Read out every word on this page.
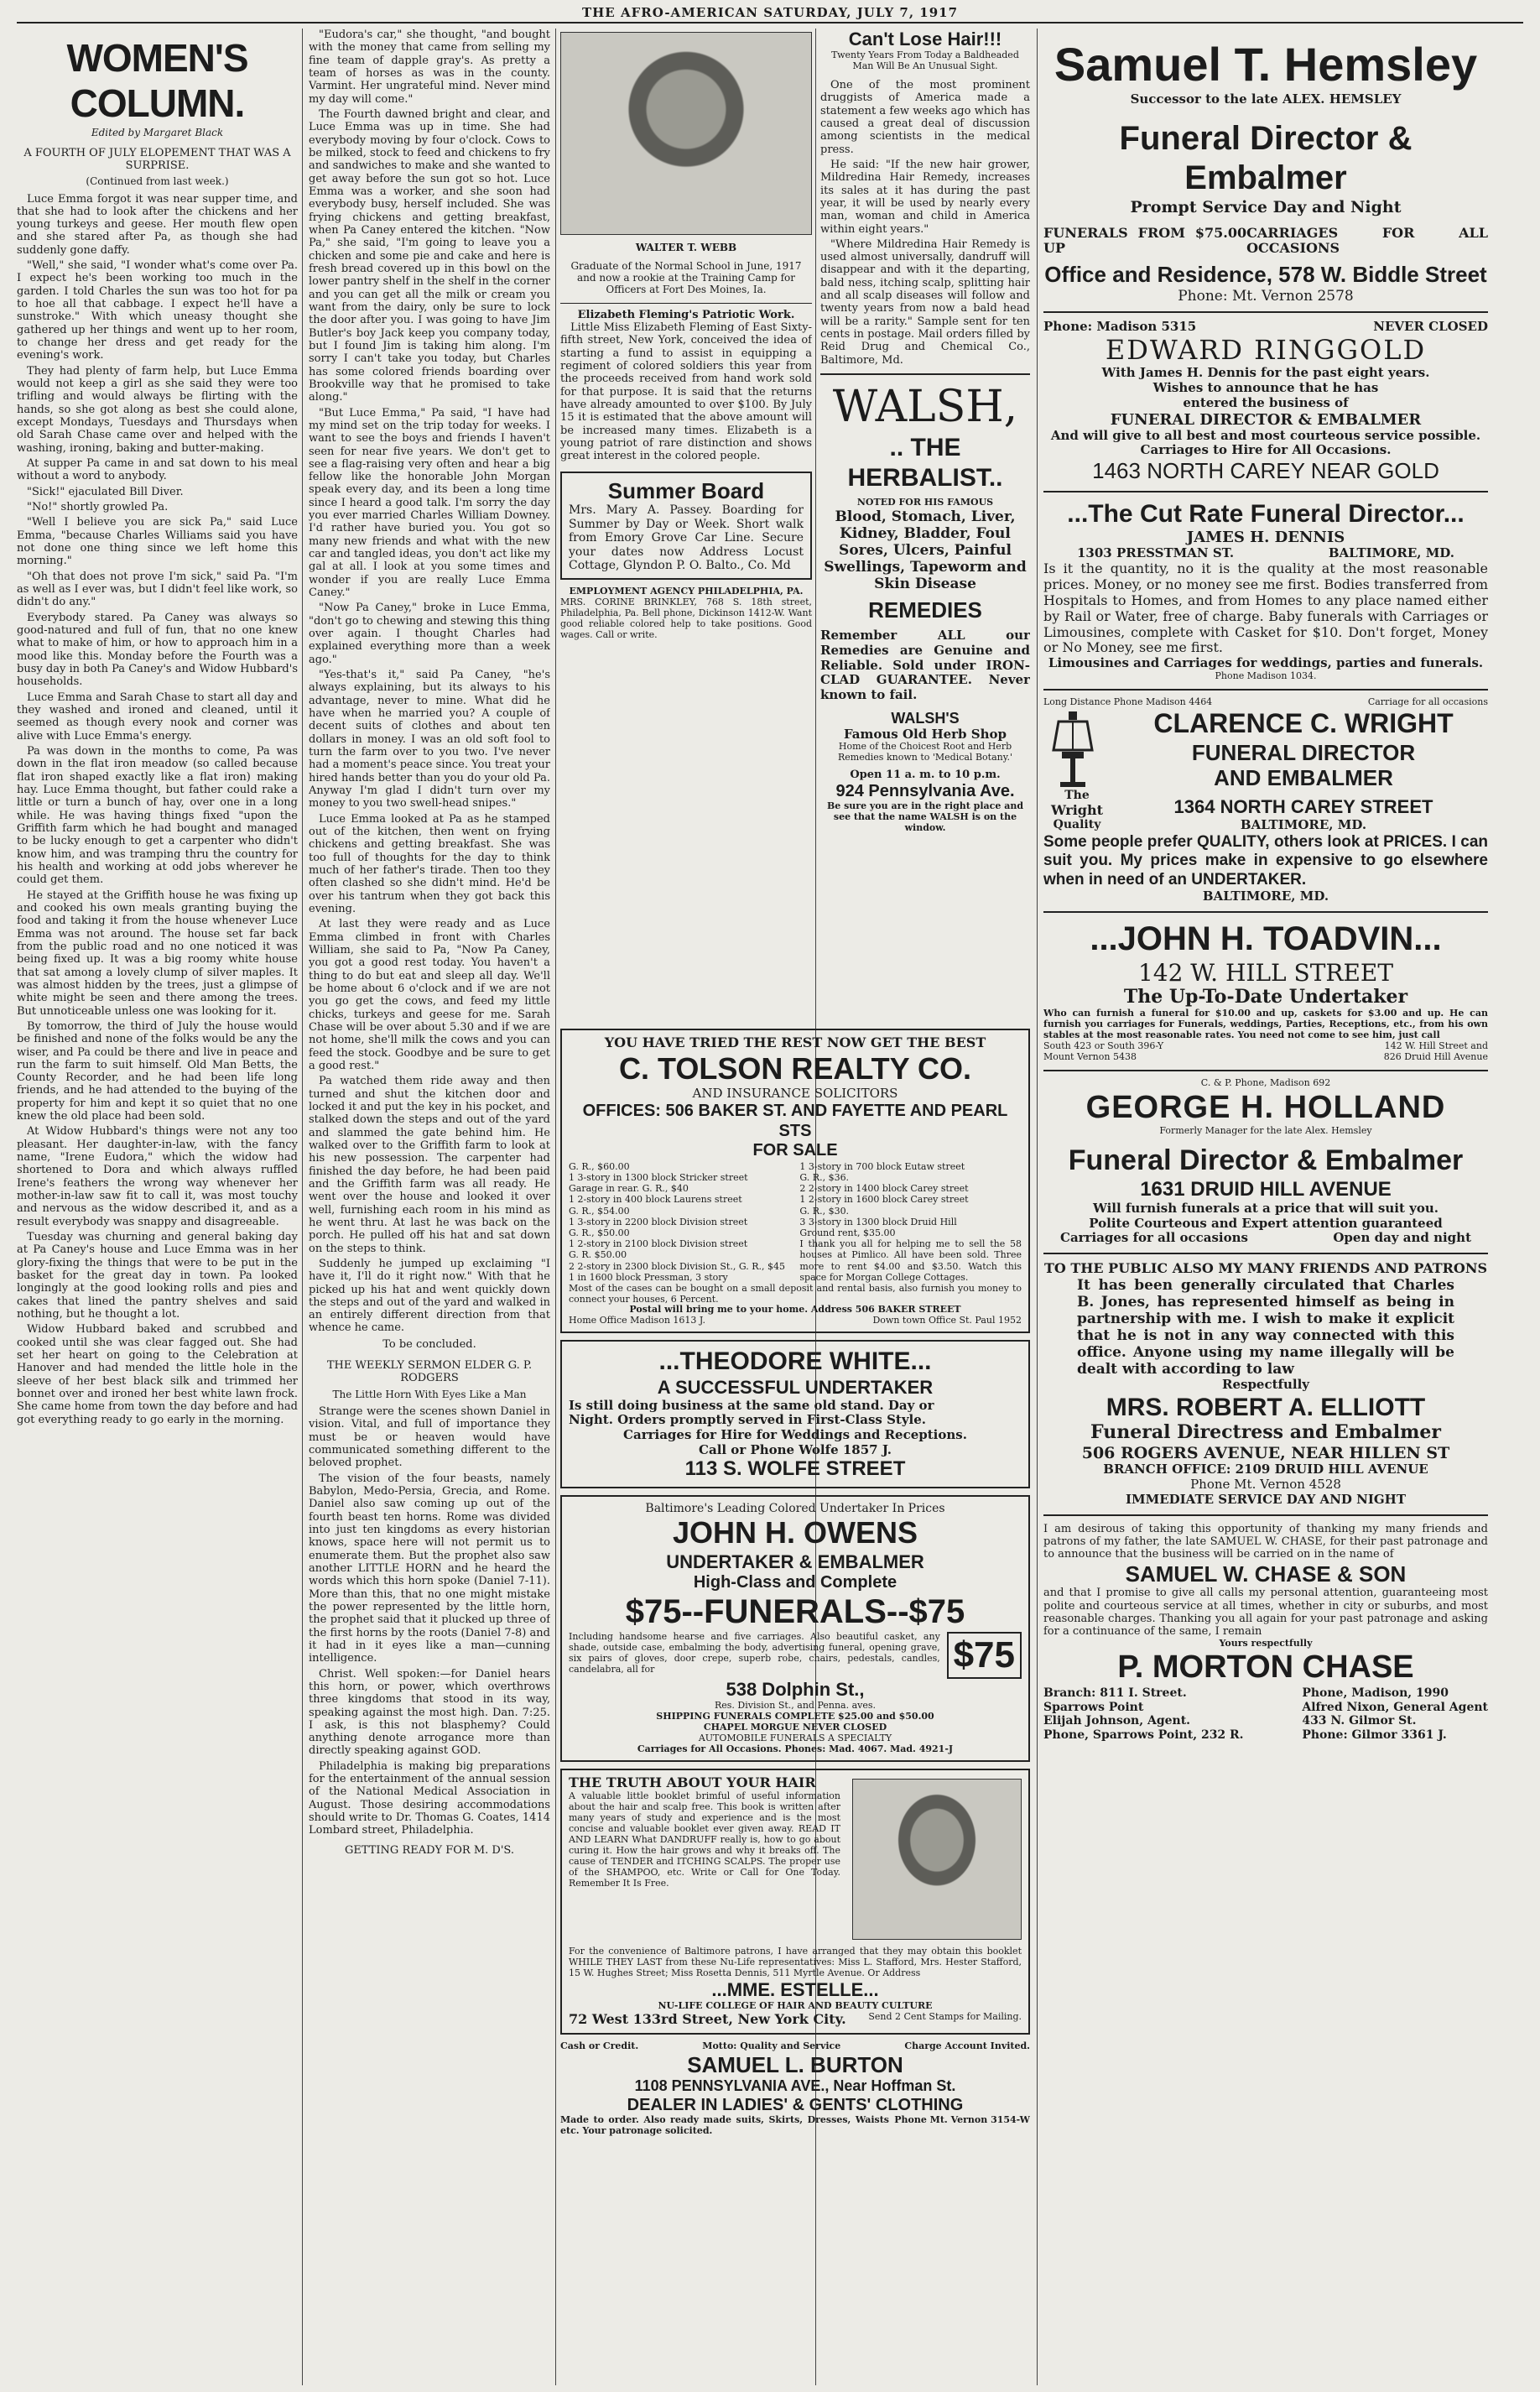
THE AFRO-AMERICAN SATURDAY, JULY 7, 1917
WOMEN'S COLUMN.
Edited by Margaret Black
A FOURTH OF JULY ELOPEMENT THAT WAS A SURPRISE.
(Continued from last week.)

Luce Emma forgot it was near supper time, and that she had to look after the chickens and her young turkeys and geese. Her mouth flew open and she stared after Pa, as though she had suddenly gone daffy.

"Well," she said, "I wonder what's come over Pa. I expect he's been working too much in the garden. I told Charles the sun was too hot for pa to hoe all that cabbage. I expect he'll have a sunstroke." With which uneasy thought she gathered up her things and went up to her room, to change her dress and get ready for the evening's work.

They had plenty of farm help, but Luce Emma would not keep a girl as she said they were too trifling and would always be flirting with the hands, so she got along as best she could alone, except Mondays, Tuesdays and Thursdays when old Sarah Chase came over and helped with the washing, ironing, baking and butter-making.

At supper Pa came in and sat down to his meal without a word to anybody.

"Sick!" ejaculated Bill Diver.

"No!" shortly growled Pa.

"Well I believe you are sick Pa," said Luce Emma, "because Charles Williams said you have not done one thing since we left home this morning."

"Oh that does not prove I'm sick," said Pa. "I'm as well as I ever was, but I didn't feel like work, so didn't do any."

Everybody stared. Pa Caney was always so good-natured and full of fun, that no one knew what to make of him, or how to approach him in a mood like this. Monday before the Fourth was a busy day in both Pa Caney's and Widow Hubbard's households.

Luce Emma and Sarah Chase to start all day and they washed and ironed and cleaned, until it seemed as though every nook and corner was alive with Luce Emma's energy.

Pa was down in the months to come, Pa was down in the flat iron meadow (so called because flat iron shaped exactly like a flat iron) making hay. Luce Emma thought, but father could rake a little or turn a bunch of hay, over one in a long while. He was having things fixed "upon the Griffith farm which he had bought and managed to be lucky enough to get a carpenter who didn't know him, and was tramping thru the country for his health and working at odd jobs wherever he could get them.

He stayed at the Griffith house he was fixing up and cooked his own meals granting buying the food and taking it from the house whenever Luce Emma was not around. The house set far back from the public road and no one noticed it was being fixed up. It was a big roomy white house that sat among a lovely clump of silver maples. It was almost hidden by the trees, just a glimpse of white might be seen and there among the trees. But unnoticeable unless one was looking for it.

By tomorrow, the third of July the house would be finished and none of the folks would be any the wiser, and Pa could be there and live in peace and run the farm to suit himself. Old Man Betts, the County Recorder, and he had been life long friends, and he had attended to the buying of the property for him and kept it so quiet that no one knew the old place had been sold.

At Widow Hubbard's things were not any too pleasant. Her daughter-in-law, with the fancy name, "Irene Eudora," which the widow had shortened to Dora and which always ruffled Irene's feathers the wrong way whenever her mother-in-law saw fit to call it, was most touchy and nervous as the widow described it, and as a result everybody was snappy and disagreeable.

Tuesday was churning and general baking day at Pa Caney's house and Luce Emma was in her glory-fixing the things that were to be put in the basket for the great day in town. Pa looked longingly at the good looking rolls and pies and cakes that lined the pantry shelves and said nothing, but he thought a lot.

Widow Hubbard baked and scrubbed and cooked until she was clear fagged out. She had set her heart on going to the Celebration at Hanover and had mended the little hole in the sleeve of her best black silk and trimmed her bonnet over and ironed her best white lawn frock. She came home from town the day before and had got everything ready to go early in the morning.

"Eudora's car," she thought, "and bought with the money that came from selling my fine team of dapple gray's. As pretty a team of horses as was in the county. Varmint. Her ungrateful mind. Never mind my day will come."

The Fourth dawned bright and clear, and Luce Emma was up in time. She had everybody moving by four o'clock. Cows to be milked, stock to feed and chickens to fry and sandwiches to make and she wanted to get away before the sun got so hot. Luce Emma was a worker, and she soon had everybody busy, herself included. She was frying chickens and getting breakfast, when Pa Caney entered the kitchen. "Now Pa," she said, "I'm going to leave you a chicken and some pie and cake and here is fresh bread covered up in this bowl on the lower pantry shelf in the shelf in the corner and you can get all the milk or cream you want from the dairy, only be sure to lock the door after you. I was going to have Jim Butler's boy Jack keep you company today, but I found Jim is taking him along. I'm sorry I can't take you today, but Charles has some colored friends boarding over Brookville way that he promised to take along."

"But Luce Emma," Pa said, "I have had my mind set on the trip today for weeks. I want to see the boys and friends I haven't seen for near five years. We don't get to see a flag-raising very often and hear a big fellow like the honorable John Morgan speak every day, and its been a long time since I heard a good talk. I'm sorry the day you ever married Charles William Downey. I'd rather have buried you. You got so many new friends and what with the new car and tangled ideas, you don't act like my gal at all. I look at you some times and wonder if you are really Luce Emma Caney."

"Now Pa Caney," broke in Luce Emma, "don't go to chewing and stewing this thing over again. I thought Charles had explained everything more than a week ago."

"Yes-that's it," said Pa Caney, "he's always explaining, but its always to his advantage, never to mine. What did he have when he married you? A couple of decent suits of clothes and about ten dollars in money. I was an old soft fool to turn the farm over to you two. I've never had a moment's peace since. You treat your hired hands better than you do your old Pa. Anyway I'm glad I didn't turn over my money to you two swell-head snipes."

Luce Emma looked at Pa as he stamped out of the kitchen, then went on frying chickens and getting breakfast. She was too full of thoughts for the day to think much of her father's tirade. Then too they often clashed so she didn't mind. He'd be over his tantrum when they got back this evening.

At last they were ready and as Luce Emma climbed in front with Charles William, she said to Pa, "Now Pa Caney, you got a good rest today. You haven't a thing to do but eat and sleep all day. We'll be home about 6 o'clock and if we are not you go get the cows, and feed my little chicks, turkeys and geese for me. Sarah Chase will be over about 5.30 and if we are not home, she'll milk the cows and you can feed the stock. Goodbye and be sure to get a good rest."

Pa watched them ride away and then turned and shut the kitchen door and locked it and put the key in his pocket, and stalked down the steps and out of the yard and slammed the gate behind him. He walked over to the Griffith farm to look at his new possession. The carpenter had finished the day before, he had been paid and the Griffith farm was all ready. He went over the house and looked it over well, furnishing each room in his mind as he went thru. At last he was back on the porch. He pulled off his hat and sat down on the steps to think.

Suddenly he jumped up exclaiming "I have it, I'll do it right now." With that he picked up his hat and went quickly down the steps and out of the yard and walked in an entirely different direction from that whence he came.

To be concluded.
THE WEEKLY SERMON ELDER G. P. RODGERS
The Little Horn With Eyes Like a Man

Strange were the scenes shown Daniel in vision. Vital, and full of importance they must be or heaven would have communicated something different to the beloved prophet.

The vision of the four beasts, namely Babylon, Medo-Persia, Grecia, and Rome. Daniel also saw coming up out of the fourth beast ten horns. Rome was divided into just ten kingdoms as every historian knows, space here will not permit us to enumerate them. But the prophet also saw another LITTLE HORN and he heard the words which this horn spoke (Daniel 7-11). More than this, that no one might mistake the power represented by the little horn, the prophet said that it plucked up three of the first horns by the roots (Daniel 7-8) and it had in it eyes like a man—cunning intelligence.

Christ. Well spoken:—for Daniel hears this horn, or power, which overthrows three kingdoms that stood in its way, speaking against the most high. Dan. 7:25. I ask, is this not blasphemy? Could anything denote arrogance more than directly speaking against GOD.

Philadelphia is making big preparations for the entertainment of the annual session of the National Medical Association in August. Those desiring accommodations should write to Dr. Thomas G. Coates, 1414 Lombard street, Philadelphia.

GETTING READY FOR M. D'S.
WALTER T. WEBB
Graduate of the Normal School in June, 1917 and now a rookie at the Training Camp for Officers at Fort Des Moines, Ia.
Elizabeth Fleming's Patriotic Work.

Little Miss Elizabeth Fleming of East Sixty-fifth street, New York, conceived the idea of starting a fund to assist in equipping a regiment of colored soldiers this year from the proceeds received from hand work sold for that purpose. It is said that the returns have already amounted to over $100. By July 15 it is estimated that the above amount will be increased many times. Elizabeth is a young patriot of rare distinction and shows great interest in the colored people.

Summer Board
Mrs. Mary A. Passey. Boarding for Summer by Day or Week. Short walk from Emory Grove Car Line. Secure your dates now Address Locust Cottage, Glyndon P. O. Balto., Co. Md
EMPLOYMENT AGENCY PHILADELPHIA, PA.
MRS. CORINE BRINKLEY, 768 S. 18th street, Philadelphia, Pa. Bell phone, Dickinson 1412-W. Want good reliable colored help to take positions. Good wages. Call or write.
Can't Lose Hair!!!
Twenty Years From Today a Baldheaded Man Will Be An Unusual Sight.

One of the most prominent druggists of America made a statement a few weeks ago which has caused a great deal of discussion among scientists in the medical press.

He said: "If the new hair grower, Mildredina Hair Remedy, increases its sales at it has during the past year, it will be used by nearly every man, woman and child in America within eight years."

"Where Mildredina Hair Remedy is used almost universally, dandruff will disappear and with it the departing, bald ness, itching scalp, splitting hair and all scalp diseases will follow and twenty years from now a bald head will be a rarity." Sample sent for ten cents in postage. Mail orders filled by Reid Drug and Chemical Co., Baltimore, Md.

WALSH,
.. THE HERBALIST..
NOTED FOR HIS FAMOUS
Blood, Stomach, Liver, Kidney, Bladder, Foul Sores, Ulcers, Painful Swellings, Tapeworm and Skin Disease
REMEDIES
Remember ALL our Remedies are Genuine and Reliable. Sold under IRON-CLAD GUARANTEE. Never known to fail.
WALSH'S
Famous Old Herb Shop
Home of the Choicest Root and Herb Remedies known to 'Medical Botany.'
Open 11 a. m. to 10 p.m.
924 Pennsylvania Ave.
Be sure you are in the right place and see that the name WALSH is on the window.
YOU HAVE TRIED THE REST NOW GET THE BEST
C. TOLSON REALTY CO.
AND INSURANCE SOLICITORS
OFFICES: 506 BAKER ST. AND FAYETTE AND PEARL STS
FOR SALE
G. R., $60.00
1 3-story in 1300 block Stricker street
Garage in rear. G. R., $40
1 2-story in 400 block Laurens street
G. R., $54.00
1 3-story in 2200 block Division street
G. R., $50.00
1 2-story in 2100 block Division street
G. R. $50.00
2 2-story in 2300 block Division St., G. R., $45
1 in 1600 block Pressman, 3 story
1 3-story in 700 block Eutaw street
G. R., $36.
2 2-story in 1400 block Carey street
1 2-story in 1600 block Carey street
G. R., $30.
3 3-story in 1300 block Druid Hill
Ground rent, $35.00
I thank you all for helping me to sell the 58 houses at Pimlico. All have been sold. Three more to rent $4.00 and $3.50. Watch this space for Morgan College Cottages.
Most of the cases can be bought on a small deposit and rental basis, also furnish you money to connect your houses, 6 Percent.
Postal will bring me to your home. Address 506 BAKER STREET
Home Office Madison 1613 J.	Down town Office St. Paul 1952
...THEODORE WHITE...
A SUCCESSFUL UNDERTAKER
Is still doing business at the same old stand. Day or
Night. Orders promptly served in First-Class Style.
Carriages for Hire for Weddings and Receptions.
Call or Phone Wolfe 1857 J.
113 S. WOLFE STREET
Baltimore's Leading Colored Undertaker In Prices
JOHN H. OWENS
UNDERTAKER & EMBALMER
High-Class and Complete
$75--FUNERALS--$75
Including handsome hearse and five carriages. Also beautiful casket, any shade, outside case, embalming the body, advertising funeral, opening grave, six pairs of gloves, door crepe, superb robe, chairs, pedestals, candles, candelabra, all for	$75
538 Dolphin St.,
Res. Division St., and Penna. aves.
SHIPPING FUNERALS COMPLETE $25.00 and $50.00
CHAPEL MORGUE NEVER CLOSED
AUTOMOBILE FUNERALS A SPECIALTY
Carriages for All Occasions. Phones: Mad. 4067. Mad. 4921-J
THE TRUTH ABOUT YOUR HAIR
A valuable little booklet brimful of useful information about the hair and scalp free. This book is written after many years of study and experience and is the most concise and valuable booklet ever given away. READ IT AND LEARN What DANDRUFF really is, how to go about curing it. How the hair grows and why it breaks off. The cause of TENDER and ITCHING SCALPS. The proper use of the SHAMPOO, etc. Write or Call for One Today. Remember It Is Free.
For the convenience of Baltimore patrons, I have arranged that they may obtain this booklet WHILE THEY LAST from these Nu-Life representatives: Miss L. Stafford, Mrs. Hester Stafford, 15 W. Hughes Street; Miss Rosetta Dennis, 511 Myrtle Avenue. Or Address
...MME. ESTELLE...
NU-LIFE COLLEGE OF HAIR AND BEAUTY CULTURE
72 West 133rd Street, New York City. Send 2 Cent Stamps for Mailing.
Cash or Credit.	Motto: Quality and Service	Charge Account Invited.
SAMUEL L. BURTON
1108 PENNSYLVANIA AVE., Near Hoffman St.
DEALER IN LADIES' & GENTS' CLOTHING
Made to order. Also ready made suits, Skirts, Dresses, Waists etc. Your patronage solicited.
Phone Mt. Vernon 3154-W
Samuel T. Hemsley
Successor to the late ALEX. HEMSLEY
Funeral Director & Embalmer
Prompt Service Day and Night
FUNERALS FROM $75.00 UP
CARRIAGES FOR ALL OCCASIONS
Office and Residence, 578 W. Biddle Street
Phone: Mt. Vernon 2578
Phone: Madison 5315	NEVER CLOSED
EDWARD RINGGOLD
With James H. Dennis for the past eight years.
Wishes to announce that he has
entered the business of
FUNERAL DIRECTOR & EMBALMER
And will give to all best and most courteous service possible.
Carriages to Hire for All Occasions.
1463 NORTH CAREY NEAR GOLD
...The Cut Rate Funeral Director...
JAMES H. DENNIS
1303 PRESSTMAN ST.	BALTIMORE, MD.
Is it the quantity, no it is the quality at the most reasonable prices. Money, or no money see me first. Bodies transferred from Hospitals to Homes, and from Homes to any place named either by Rail or Water, free of charge. Baby funerals with Carriages or Limousines, complete with Casket for $10. Don't forget, Money or No Money, see me first.
Limousines and Carriages for weddings, parties and funerals.
Phone Madison 1034.
Long Distance Phone Madison 4464	Carriage for all occasions
The
Wright
Quality
CLARENCE C. WRIGHT
FUNERAL DIRECTOR
AND EMBALMER
1364 NORTH CAREY STREET
BALTIMORE, MD.
Some people prefer QUALITY, others look at PRICES. I can suit you. My prices make in expensive to go elsewhere when in need of an UNDERTAKER.
BALTIMORE, MD.
...JOHN H. TOADVIN...
142 W. HILL STREET
The Up-To-Date Undertaker
Who can furnish a funeral for $10.00 and up, caskets for $3.00 and up. He can furnish you carriages for Funerals, weddings, Parties, Receptions, etc., from his own stables at the most reasonable rates. You need not come to see him, just call
South 423 or South 396-Y
Mount Vernon 5438
142 W. Hill Street and
826 Druid Hill Avenue
C. & P. Phone, Madison 692
GEORGE H. HOLLAND
Formerly Manager for the late Alex. Hemsley
Funeral Director & Embalmer
1631 DRUID HILL AVENUE
Will furnish funerals at a price that will suit you.
Polite Courteous and Expert attention guaranteed
Carriages for all occasions	Open day and night
TO THE PUBLIC ALSO MY MANY FRIENDS AND PATRONS
It has been generally circulated that Charles B. Jones, has represented himself as being in partnership with me. I wish to make it explicit that he is not in any way connected with this office. Anyone using my name illegally will be dealt with according to law
Respectfully
MRS. ROBERT A. ELLIOTT
Funeral Directress and Embalmer
506 ROGERS AVENUE, NEAR HILLEN ST
BRANCH OFFICE: 2109 DRUID HILL AVENUE
Phone Mt. Vernon 4528
IMMEDIATE SERVICE DAY AND NIGHT
I am desirous of taking this opportunity of thanking my many friends and patrons of my father, the late SAMUEL W. CHASE, for their past patronage and to announce that the business will be carried on in the name of
SAMUEL W. CHASE & SON
and that I promise to give all calls my personal attention, guaranteeing most polite and courteous service at all times, whether in city or suburbs, and most reasonable charges. Thanking you all again for your past patronage and asking for a continuance of the same, I remain
Yours respectfully
P. MORTON CHASE
Branch: 811 I. Street.
Sparrows Point
Elijah Johnson, Agent.
Phone, Sparrows Point, 232 R.
Phone, Madison, 1990
Alfred Nixon, General Agent
433 N. Gilmor St.
Phone: Gilmor 3361 J.
